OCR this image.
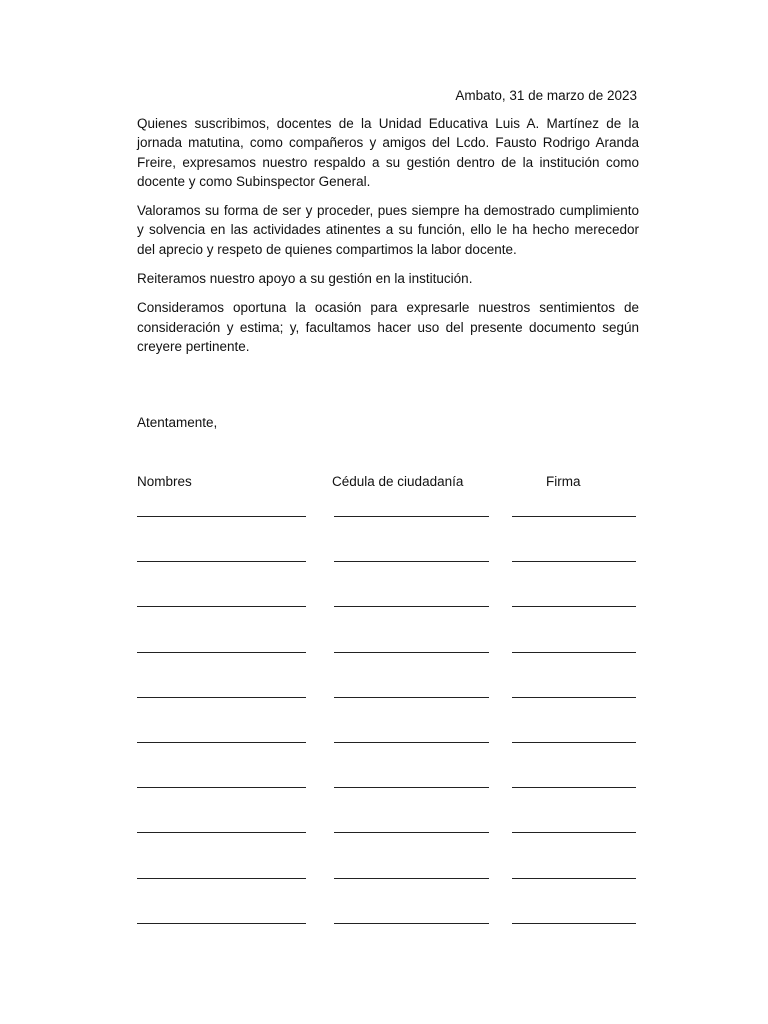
Ambato, 31 de marzo de 2023

Quienes suscribimos, docentes de la Unidad Educativa Luis A. Martínez de la jornada matutina, como compañeros y amigos del Lcdo. Fausto Rodrigo Aranda Freire, expresamos nuestro respaldo a su gestión dentro de la institución como docente y como Subinspector General.

Valoramos su forma de ser y proceder, pues siempre ha demostrado cumplimiento y solvencia en las actividades atinentes a su función, ello le ha hecho merecedor del aprecio y respeto de quienes compartimos la labor docente.

Reiteramos nuestro apoyo a su gestión en la institución.

Consideramos oportuna la ocasión para expresarle nuestros sentimientos de consideración y estima; y, facultamos hacer uso del presente documento según creyere pertinente.

Atentamente,
Nombres	Cédula de ciudadanía	Firma
